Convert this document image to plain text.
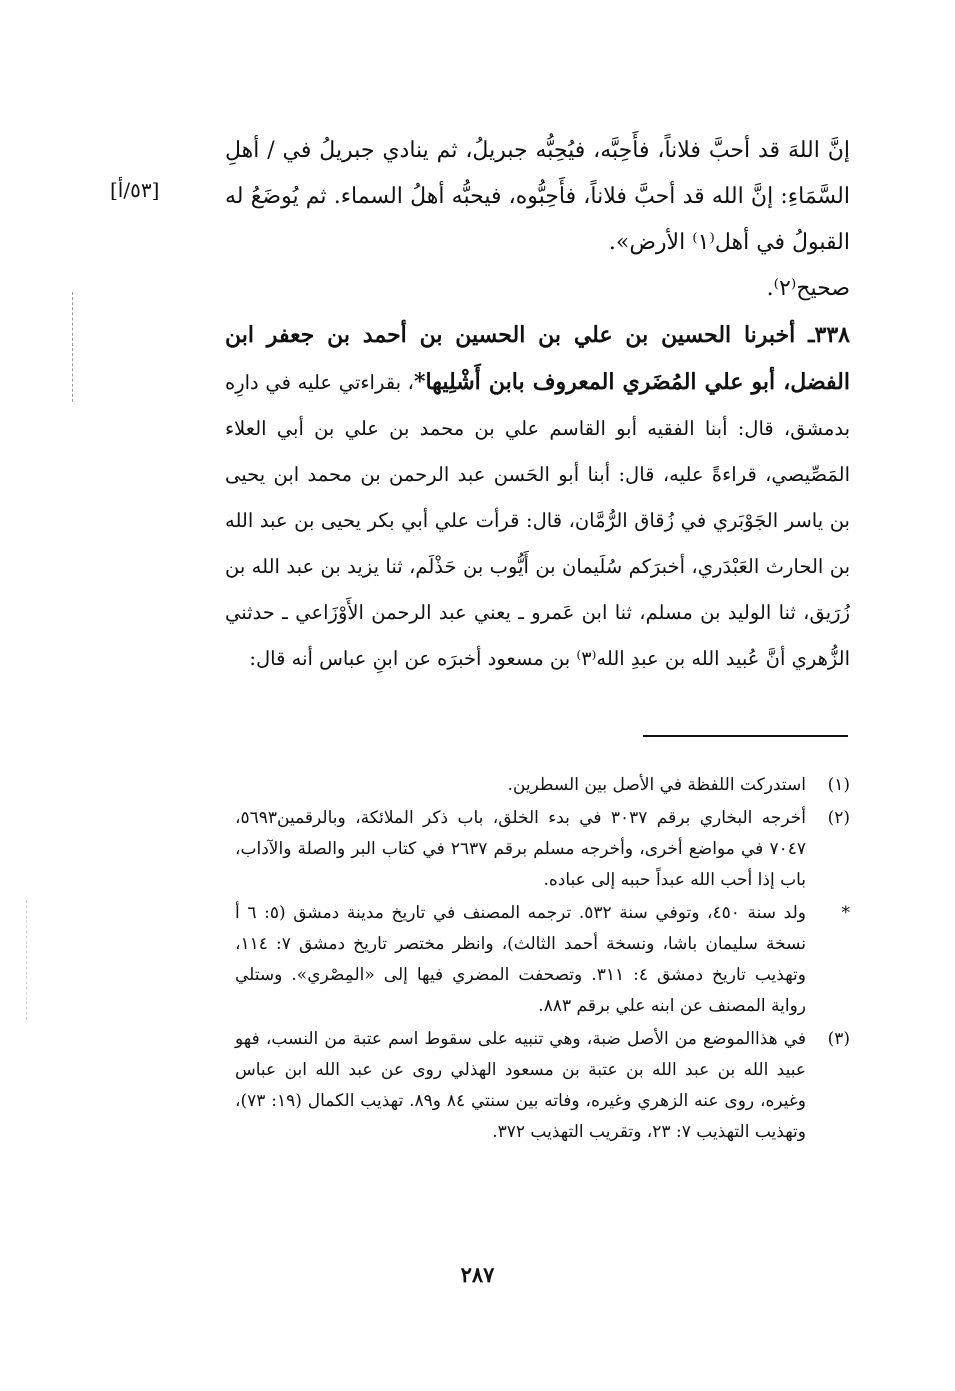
[٥٣/أ]

إنَّ اللهَ قد أحبَّ فلاناً، فأَحِبَّه، فيُحِبُّه جبريلُ، ثم ينادي جبريلُ في / أهلِ السَّمَاءِ: إنَّ الله قد أحبَّ فلاناً، فأَحِبُّوه، فيحبُّه أهلُ السماء. ثم يُوضَعُ له القبولُ في أهل⁽١⁾ الأرض».

صحيح⁽٢⁾.

٣٣٨ـ أخبرنا الحسين بن علي بن الحسين بن أحمد بن جعفر ابن الفضل، أبو علي المُضَري المعروف بابن أَشْلِيها*، بقراءتي عليه في دارِه بدمشق، قال: أبنا الفقيه أبو القاسم علي بن محمد بن علي بن أبي العلاء المَصِّيصي، قراءةً عليه، قال: أبنا أبو الحَسن عبد الرحمن بن محمد ابن يحيى بن ياسر الجَوْبَري في زُقاق الرُّمَّان، قال: قرأت علي أبي بكر يحيى بن عبد الله بن الحارث العَبْدَري، أخبرَكم سُلَيمان بن أَيُّوب بن حَذْلَم، ثنا يزيد بن عبد الله بن زُرَيق، ثنا الوليد بن مسلم، ثنا ابن عَمرو ـ يعني عبد الرحمن الأَوْزَاعي ـ حدثني الزُّهري أنَّ عُبيد الله بن عبدِ الله⁽٣⁾ بن مسعود أخبرَه عن ابنِ عباس أنه قال:

(١)
استدركت اللفظة في الأصل بين السطرين.
(٢)
أخرجه البخاري برقم ٣٠٣٧ في بدء الخلق، باب ذكر الملائكة، وبالرقمين٥٦٩٣، ٧٠٤٧ في مواضع أخرى، وأخرجه مسلم برقم ٢٦٣٧ في كتاب البر والصلة والآداب، باب إذا أحب الله عبداً حببه إلى عباده.
*
ولد سنة ٤٥٠، وتوفي سنة ٥٣٢. ترجمه المصنف في تاريخ مدينة دمشق (٥: ٦ أ نسخة سليمان باشا، ونسخة أحمد الثالث)، وانظر مختصر تاريخ دمشق ٧: ١١٤، وتهذيب تاريخ دمشق ٤: ٣١١. وتصحفت المضري فيها إلى «المِصْري». وستلي رواية المصنف عن ابنه علي برقم ٨٨٣.
(٣)
في هذاالموضع من الأصل ضبة، وهي تنبيه على سقوط اسم عتبة من النسب، فهو عبيد الله بن عبد الله بن عتبة بن مسعود الهذلي روى عن عبد الله ابن عباس وغيره، روى عنه الزهري وغيره، وفاته بين سنتي ٨٤ و٨٩. تهذيب الكمال (١٩: ٧٣)، وتهذيب التهذيب ٧: ٢٣، وتقريب التهذيب ٣٧٢.
٢٨٧
